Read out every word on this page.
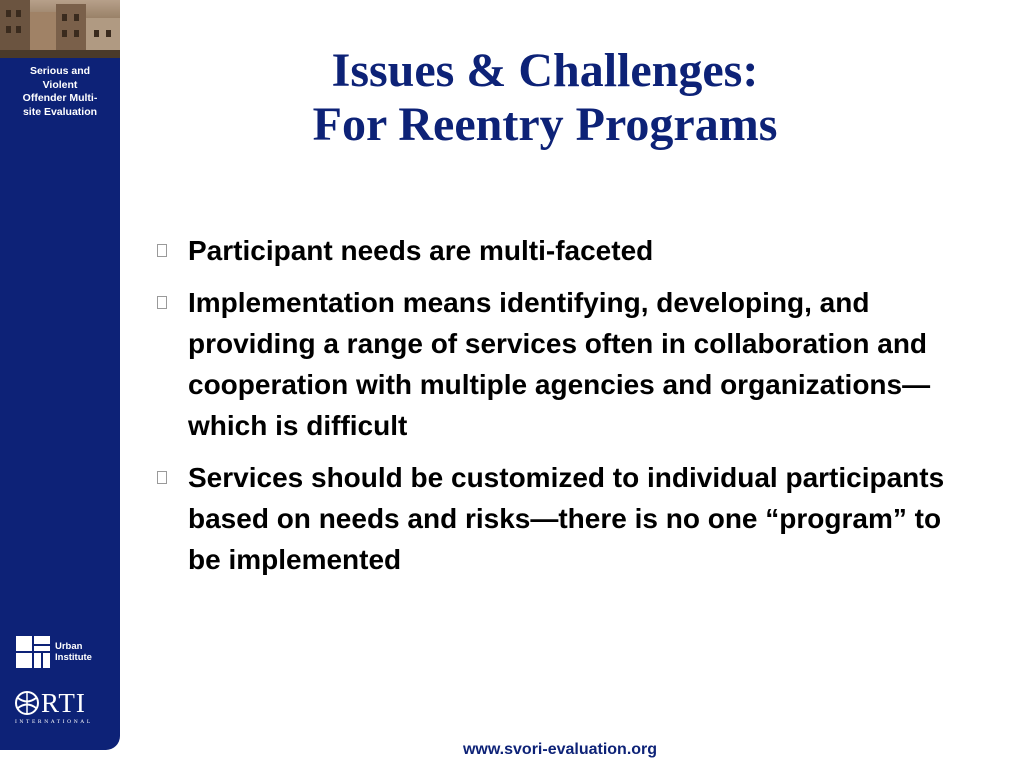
Serious and
Violent
Offender Multi-
site Evaluation
Urban
Institute
RTI
INTERNATIONAL
Issues & Challenges:
For Reentry Programs
Participant needs are multi-faceted
Implementation means identifying, developing, and providing a range of services often in collaboration and cooperation with multiple agencies and organizations—which is difficult
Services should be customized to individual participants based on needs and risks—there is no one “program” to be implemented
www.svori-evaluation.org
